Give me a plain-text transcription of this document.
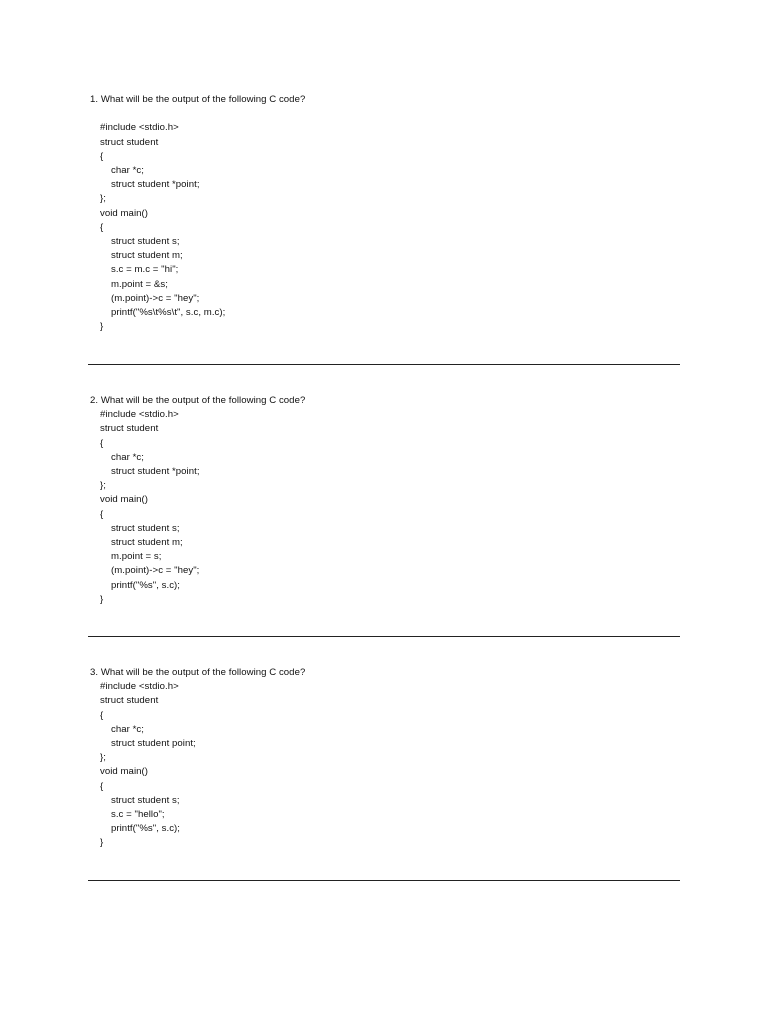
1. What will be the output of the following C code?

#include <stdio.h>
struct student
{
char *c;
struct student *point;
};
void main()
{
struct student s;
struct student m;
s.c = m.c = "hi";
m.point = &s;
(m.point)->c = "hey";
printf("%s\t%s\t", s.c, m.c);
}
2. What will be the output of the following C code?
#include <stdio.h>
struct student
{
char *c;
struct student *point;
};
void main()
{
struct student s;
struct student m;
m.point = s;
(m.point)->c = "hey";
printf("%s", s.c);
}
3. What will be the output of the following C code?
#include <stdio.h>
struct student
{
char *c;
struct student point;
};
void main()
{
struct student s;
s.c = "hello";
printf("%s", s.c);
}
